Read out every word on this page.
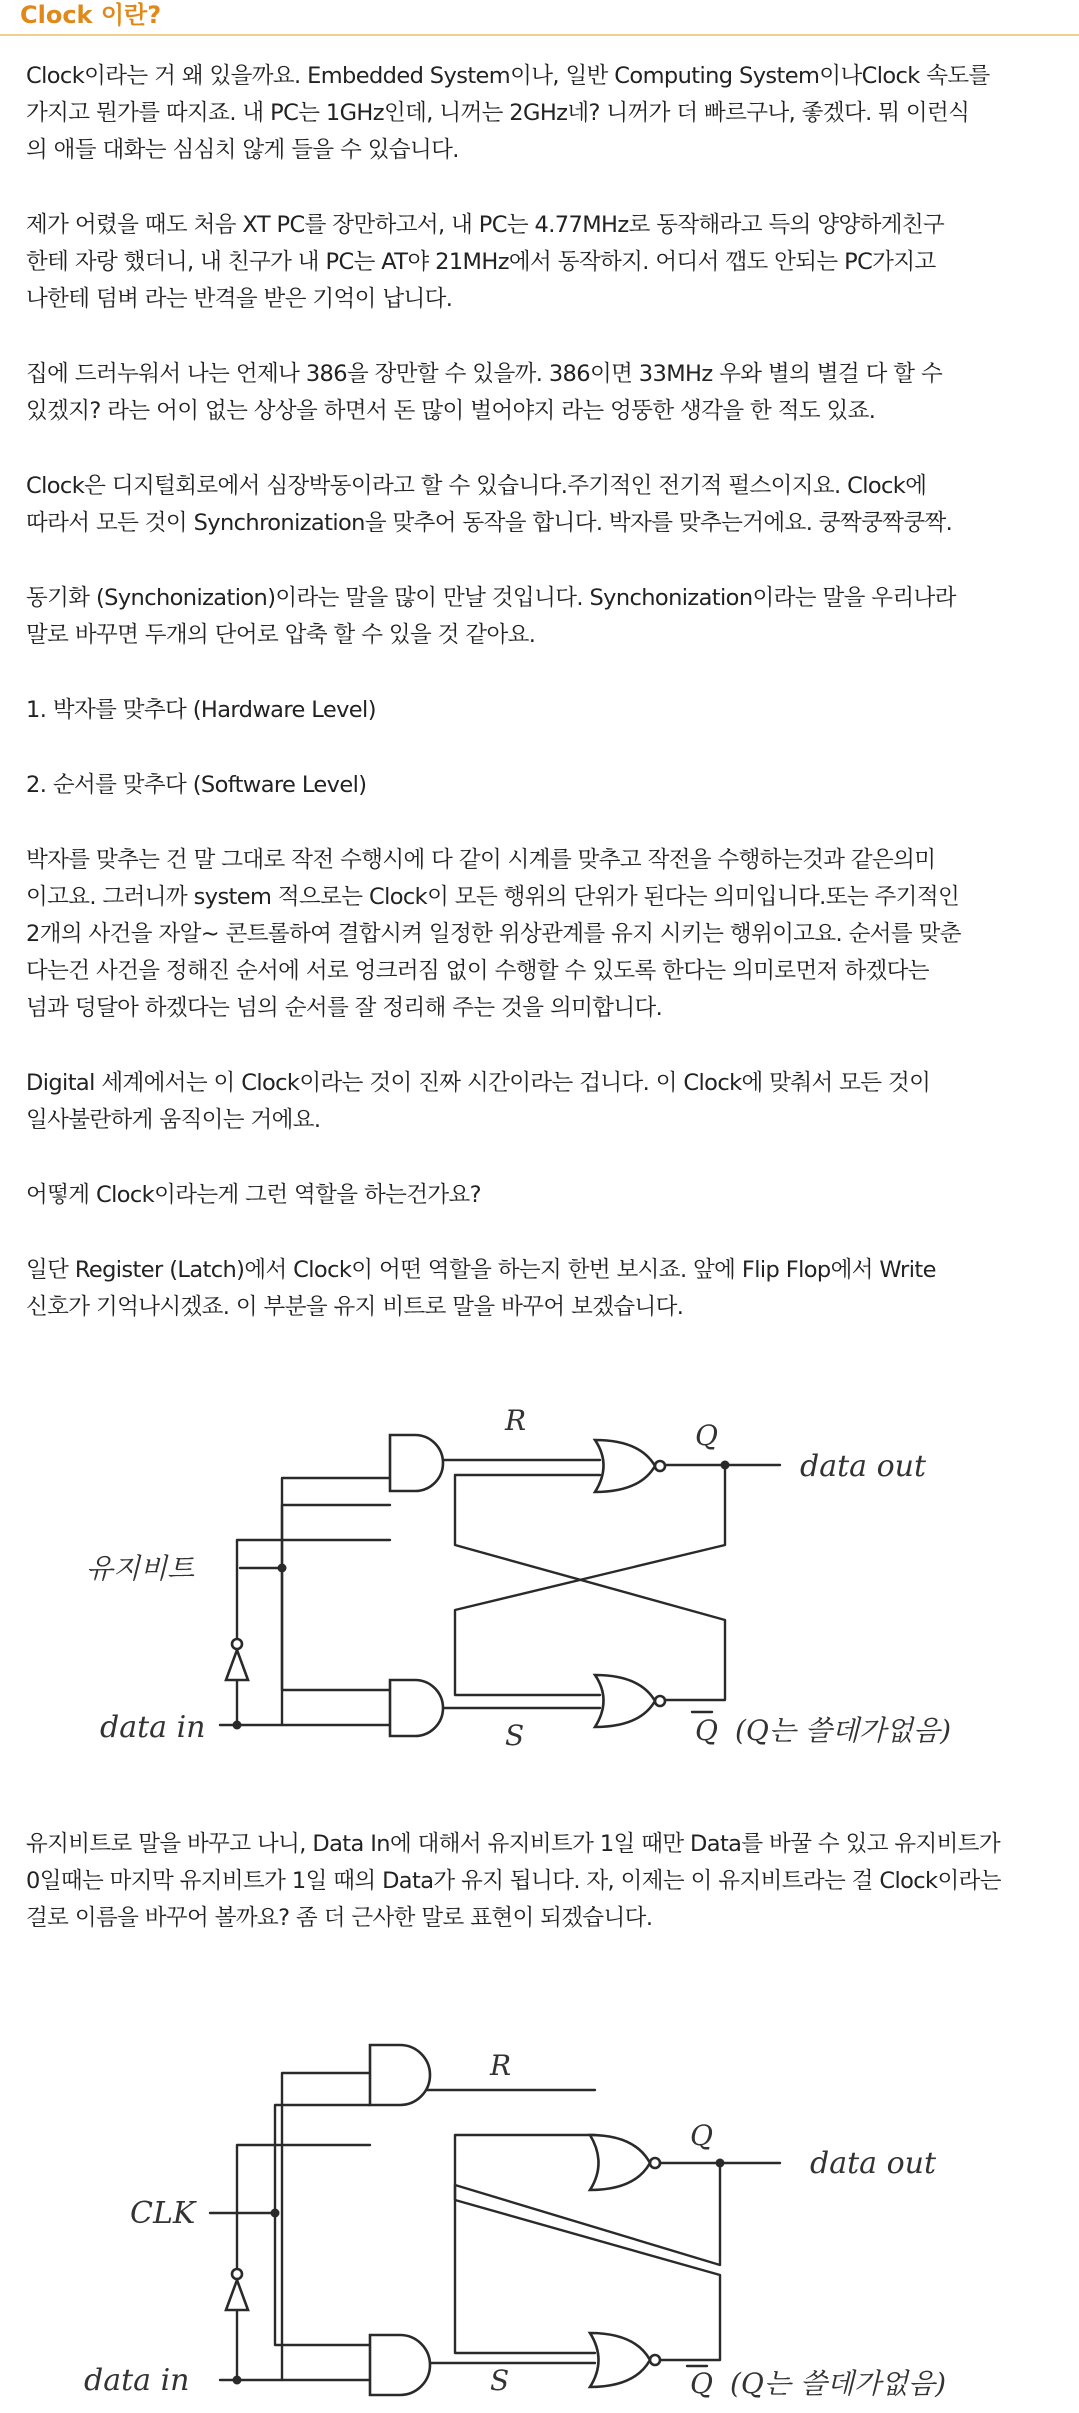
Clock 이란?

Clock이라는 거 왜 있을까요. Embedded System이나, 일반 Computing System이나Clock 속도를
가지고 뭔가를 따지죠. 내 PC는 1GHz인데, 니꺼는 2GHz네? 니꺼가 더 빠르구나, 좋겠다. 뭐 이런식
의 애들 대화는 심심치 않게 들을 수 있습니다.

제가 어렸을 때도 처음 XT PC를 장만하고서, 내 PC는 4.77MHz로 동작해라고 득의 양양하게친구
한테 자랑 했더니, 내 친구가 내 PC는 AT야 21MHz에서 동작하지. 어디서 깹도 안되는 PC가지고
나한테 덤벼 라는 반격을 받은 기억이 납니다.

집에 드러누워서 나는 언제나 386을 장만할 수 있을까. 386이면 33MHz 우와 별의 별걸 다 할 수
있겠지? 라는 어이 없는 상상을 하면서 돈 많이 벌어야지 라는 엉뚱한 생각을 한 적도 있죠.

Clock은 디지털회로에서 심장박동이라고 할 수 있습니다.주기적인 전기적 펄스이지요. Clock에
따라서 모든 것이 Synchronization을 맞추어 동작을 합니다. 박자를 맞추는거에요. 쿵짝쿵짝쿵짝.

동기화 (Synchonization)이라는 말을 많이 만날 것입니다. Synchonization이라는 말을 우리나라
말로 바꾸면 두개의 단어로 압축 할 수 있을 것 같아요.

1. 박자를 맞추다 (Hardware Level)

2. 순서를 맞추다 (Software Level)

박자를 맞추는 건 말 그대로 작전 수행시에 다 같이 시계를 맞추고 작전을 수행하는것과 같은의미
이고요. 그러니까 system 적으로는 Clock이 모든 행위의 단위가 된다는 의미입니다.또는 주기적인
2개의 사건을 자알~ 콘트롤하여 결합시켜 일정한 위상관계를 유지 시키는 행위이고요. 순서를 맞춘
다는건 사건을 정해진 순서에 서로 엉크러짐 없이 수행할 수 있도록 한다는 의미로먼저 하겠다는
넘과 덩달아 하겠다는 넘의 순서를 잘 정리해 주는 것을 의미합니다.

Digital 세계에서는 이 Clock이라는 것이 진짜 시간이라는 겁니다. 이 Clock에 맞춰서 모든 것이
일사불란하게 움직이는 거에요.

어떻게 Clock이라는게 그런 역할을 하는건가요?

일단 Register (Latch)에서 Clock이 어떤 역할을 하는지 한번 보시죠. 앞에 Flip Flop에서 Write
신호가 기억나시겠죠. 이 부분을 유지 비트로 말을 바꾸어 보겠습니다.

유지비트
data in
R
S
Q
Q
data out
(Q는 쓸데가없음)

유지비트로 말을 바꾸고 나니, Data In에 대해서 유지비트가 1일 때만 Data를 바꿀 수 있고 유지비트가
0일때는 마지막 유지비트가 1일 때의 Data가 유지 됩니다. 자, 이제는 이 유지비트라는 걸 Clock이라는
걸로 이름을 바꾸어 볼까요? 좀 더 근사한 말로 표현이 되겠습니다.

CLK
data in
R
S
Q
Q
data out
(Q는 쓸데가없음)
